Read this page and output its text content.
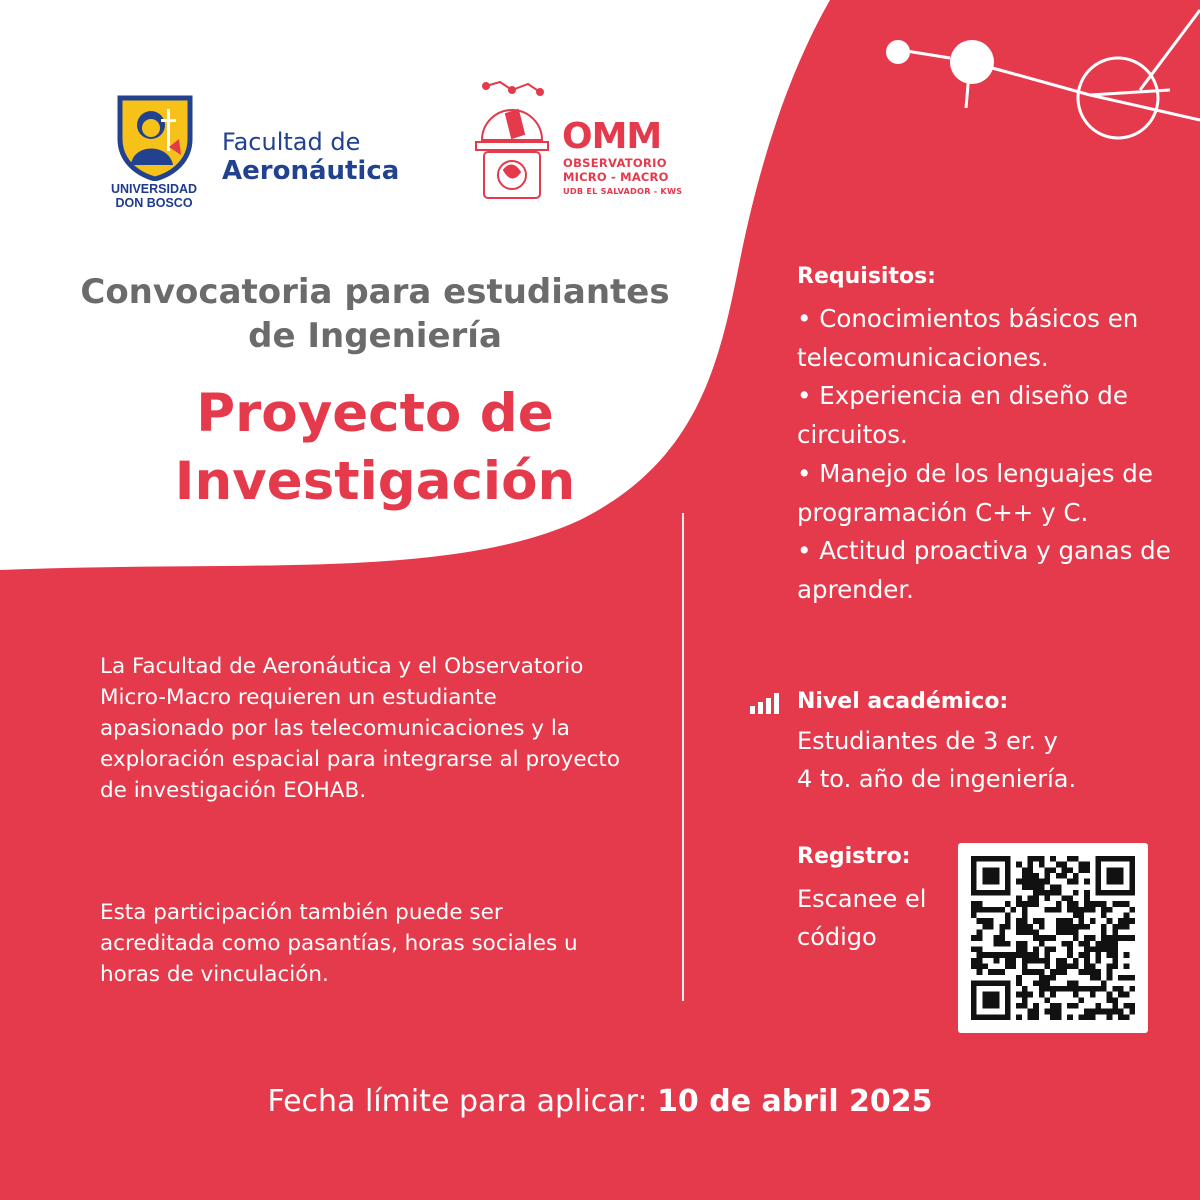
UNIVERSIDAD
DON BOSCO
Facultad de
Aeronáutica
OMM
OBSERVATORIO
MICRO - MACRO
UDB EL SALVADOR - KWS
Convocatoria para estudiantes
de Ingeniería
Proyecto de
Investigación
La Facultad de Aeronáutica y el Observatorio Micro-Macro requieren un estudiante apasionado por las telecomunicaciones y la exploración espacial para integrarse al proyecto de investigación EOHAB.
Esta participación también puede ser acreditada como pasantías, horas sociales u horas de vinculación.
Requisitos:
• Conocimientos básicos en telecomunicaciones.
• Experiencia en diseño de circuitos.
• Manejo de los lenguajes de programación C++ y C.
• Actitud proactiva y ganas de aprender.
Nivel académico:
Estudiantes de 3 er. y
4 to. año de ingeniería.
Registro:
Escanee el
código
Fecha límite para aplicar: 10 de abril 2025
